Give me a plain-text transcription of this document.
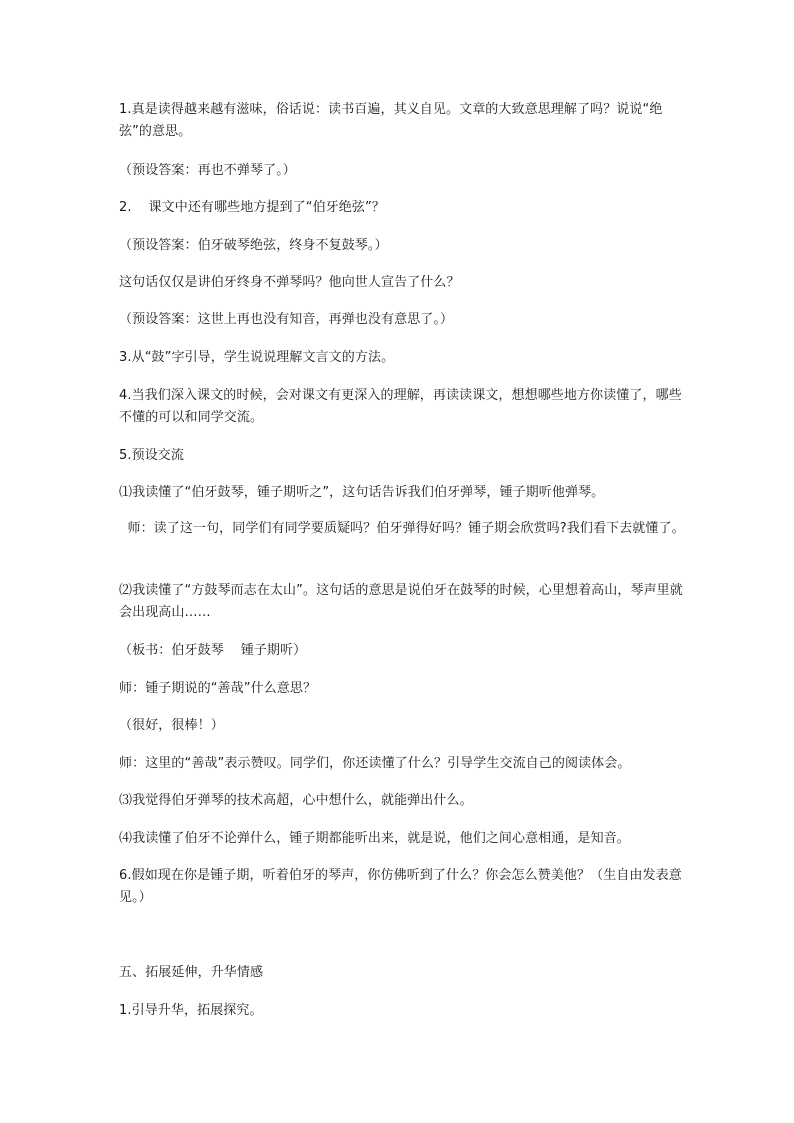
1.真是读得越来越有滋味，俗话说：读书百遍，其义自见。文章的大致意思理解了吗？说说“绝弦”的意思。

（预设答案：再也不弹琴了。）

2.    课文中还有哪些地方提到了“伯牙绝弦”？

（预设答案：伯牙破琴绝弦，终身不复鼓琴。）

这句话仅仅是讲伯牙终身不弹琴吗？他向世人宣告了什么？

（预设答案：这世上再也没有知音，再弹也没有意思了。）

3.从“鼓”字引导，学生说说理解文言文的方法。

4.当我们深入课文的时候，会对课文有更深入的理解，再读读课文，想想哪些地方你读懂了，哪些不懂的可以和同学交流。

5.预设交流

⑴我读懂了“伯牙鼓琴，锺子期听之”，这句话告诉我们伯牙弹琴，锺子期听他弹琴。

师：读了这一句，同学们有同学要质疑吗？伯牙弹得好吗？锺子期会欣赏吗?我们看下去就懂了。

⑵我读懂了“方鼓琴而志在太山”。这句话的意思是说伯牙在鼓琴的时候，心里想着高山，琴声里就会出现高山……

（板书：伯牙鼓琴    锺子期听）

师：锺子期说的“善哉”什么意思？

（很好，很棒！）

师：这里的“善哉”表示赞叹。同学们，你还读懂了什么？引导学生交流自己的阅读体会。

⑶我觉得伯牙弹琴的技术高超，心中想什么，就能弹出什么。

⑷我读懂了伯牙不论弹什么，锺子期都能听出来，就是说，他们之间心意相通，是知音。

6.假如现在你是锺子期，听着伯牙的琴声，你仿佛听到了什么？你会怎么赞美他？（生自由发表意见。）

五、拓展延伸，升华情感

1.引导升华，拓展探究。
